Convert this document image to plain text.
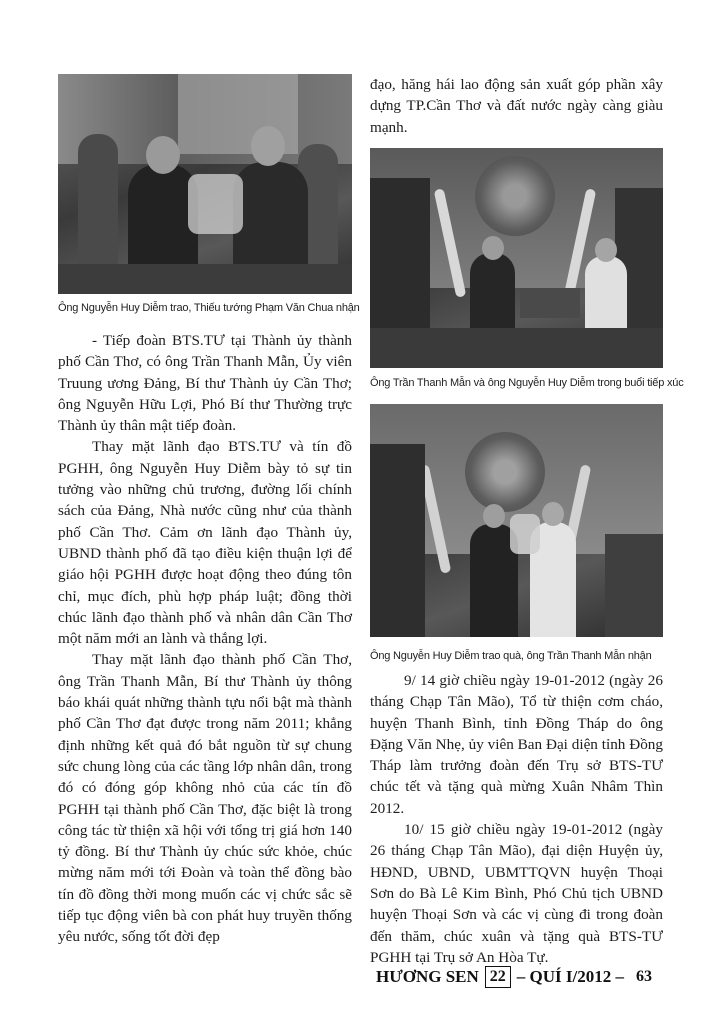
Ông Nguyễn Huy Diễm trao, Thiếu tướng Phạm Văn Chua nhận
Ông Trần Thanh Mẫn và ông Nguyễn Huy Diễm trong buổi tiếp xúc
Ông Nguyễn Huy Diễm trao quà, ông Trần Thanh Mẫn nhận

- Tiếp đoàn BTS.TƯ tại Thành ủy thành phố Cần Thơ, có ông Trần Thanh Mẫn, Ủy viên Truung ương Đảng, Bí thư Thành ủy Cần Thơ; ông Nguyễn Hữu Lợi, Phó Bí thư Thường trực Thành ủy thân mật tiếp đoàn.

Thay mặt lãnh đạo BTS.TƯ và tín đồ PGHH, ông Nguyễn Huy Diễm bày tỏ sự tin tưởng vào những chủ trương, đường lối chính sách của Đảng, Nhà nước cũng như của thành phố Cần Thơ. Cảm ơn lãnh đạo Thành ủy, UBND thành phố đã tạo điều kiện thuận lợi để giáo hội PGHH được hoạt động theo đúng tôn chỉ, mục đích, phù hợp pháp luật; đồng thời chúc lãnh đạo thành phố và nhân dân Cần Thơ một năm mới an lành và thắng lợi.

Thay mặt lãnh đạo thành phố Cần Thơ, ông Trần Thanh Mẫn, Bí thư Thành ủy thông báo khái quát những thành tựu nổi bật mà thành phố Cần Thơ đạt được trong năm 2011; khẳng định những kết quả đó bắt nguồn từ sự chung sức chung lòng của các tầng lớp nhân dân, trong đó có đóng góp không nhỏ của các tín đồ PGHH tại thành phố Cần Thơ, đặc biệt là trong công tác từ thiện xã hội với tổng trị giá hơn 140 tỷ đồng. Bí thư Thành ủy chúc sức khỏe, chúc mừng năm mới tới Đoàn và toàn thể đồng bào tín đồ đồng thời mong muốn các vị chức sắc sẽ tiếp tục động viên bà con phát huy truyền thống yêu nước, sống tốt đời đẹp

đạo, hăng hái lao động sản xuất góp phần xây dựng TP.Cần Thơ và đất nước ngày càng giàu mạnh.

9/ 14 giờ chiều ngày 19-01-2012 (ngày 26 tháng Chạp Tân Mão), Tổ từ thiện cơm cháo, huyện Thanh Bình, tỉnh Đồng Tháp do ông Đặng Văn Nhẹ, ủy viên Ban Đại diện tỉnh Đồng Tháp làm trưởng đoàn đến Trụ sở BTS-TƯ chúc tết và tặng quà mừng Xuân Nhâm Thìn 2012.

10/ 15 giờ chiều ngày 19-01-2012 (ngày 26 tháng Chạp Tân Mão), đại diện Huyện ủy, HĐND, UBND, UBMTTQVN huyện Thoại Sơn do Bà Lê Kim Bình, Phó Chủ tịch UBND huyện Thoại Sơn và các vị cùng đi trong đoàn đến thăm, chúc xuân và tặng quà BTS-TƯ PGHH tại Trụ sở An Hòa Tự.

HƯƠNG SEN 22 – QUÍ I/2012 – 63
